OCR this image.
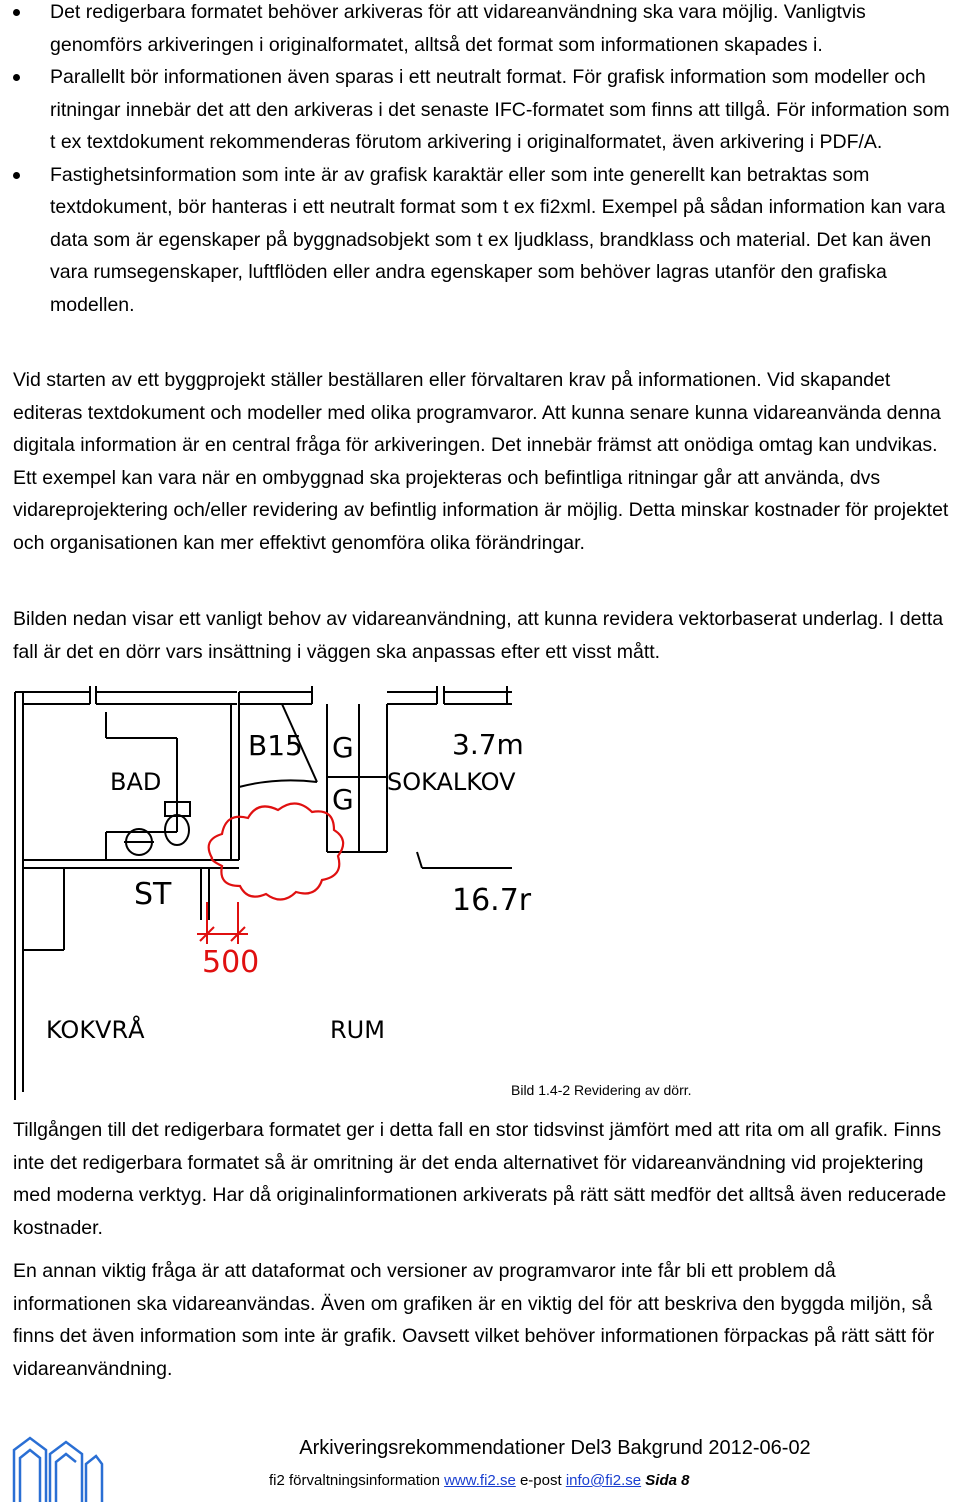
Det redigerbara formatet behöver arkiveras för att vidareanvändning ska vara möjlig. Vanligtvis genomförs arkiveringen i originalformatet, alltså det format som informationen skapades i.
Parallellt bör informationen även sparas i ett neutralt format. För grafisk information som modeller och ritningar innebär det att den arkiveras i det senaste IFC-formatet som finns att tillgå. För information som t ex textdokument rekommenderas förutom arkivering i originalformatet, även arkivering i PDF/A.
Fastighetsinformation som inte är av grafisk karaktär eller som inte generellt kan betraktas som textdokument, bör hanteras i ett neutralt format som t ex fi2xml. Exempel på sådan information kan vara data som är egenskaper på byggnadsobjekt som t ex ljudklass, brandklass och material. Det kan även vara rumsegenskaper, luftflöden eller andra egenskaper som behöver lagras utanför den grafiska modellen.

Vid starten av ett byggprojekt ställer beställaren eller förvaltaren krav på informationen. Vid skapandet editeras textdokument och modeller med olika programvaror. Att kunna senare kunna vidareanvända denna digitala information är en central fråga för arkiveringen. Det innebär främst att onödiga omtag kan undvikas. Ett exempel kan vara när en ombyggnad ska projekteras och befintliga ritningar går att använda, dvs vidareprojektering och/eller revidering av befintlig information är möjlig. Detta minskar kostnader för projektet och organisationen kan mer effektivt genomföra olika förändringar.

Bilden nedan visar ett vanligt behov av vidareanvändning, att kunna revidera vektorbaserat underlag. I detta fall är det en dörr vars insättning i väggen ska anpassas efter ett visst mått.

B15 G
G
3.7m
SOKALKOV
BAD
ST	16.7r
KOKVRÅ	RUM
500
Bild 1.4-2 Revidering av dörr.

Tillgången till det redigerbara formatet ger i detta fall en stor tidsvinst jämfört med att rita om all grafik. Finns inte det redigerbara formatet så är omritning är det enda alternativet för vidareanvändning vid projektering med moderna verktyg. Har då originalinformationen arkiverats på rätt sätt medför det alltså även reducerade kostnader.

En annan viktig fråga är att dataformat och versioner av programvaror inte får bli ett problem då informationen ska vidareanvändas. Även om grafiken är en viktig del för att beskriva den byggda miljön, så finns det även information som inte är grafik. Oavsett vilket behöver informationen förpackas på rätt sätt för vidareanvändning.

Arkiveringsrekommendationer Del3 Bakgrund 2012-06-02
fi2 förvaltningsinformation www.fi2.se e-post info@fi2.se Sida 8
